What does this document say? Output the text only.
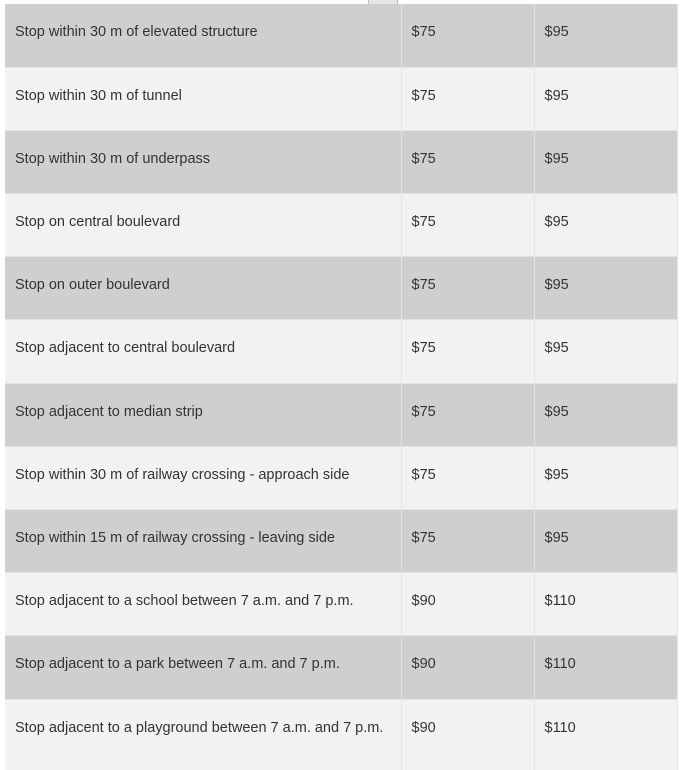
Stop within 30 m of elevated structure	$75	$95
Stop within 30 m of tunnel	$75	$95
Stop within 30 m of underpass	$75	$95
Stop on central boulevard	$75	$95
Stop on outer boulevard	$75	$95
Stop adjacent to central boulevard	$75	$95
Stop adjacent to median strip	$75	$95
Stop within 30 m of railway crossing - approach side	$75	$95
Stop within 15 m of railway crossing - leaving side	$75	$95
Stop adjacent to a school between 7 a.m. and 7 p.m.	$90	$110
Stop adjacent to a park between 7 a.m. and 7 p.m.	$90	$110
Stop adjacent to a playground between 7 a.m. and 7 p.m.	$90	$110
